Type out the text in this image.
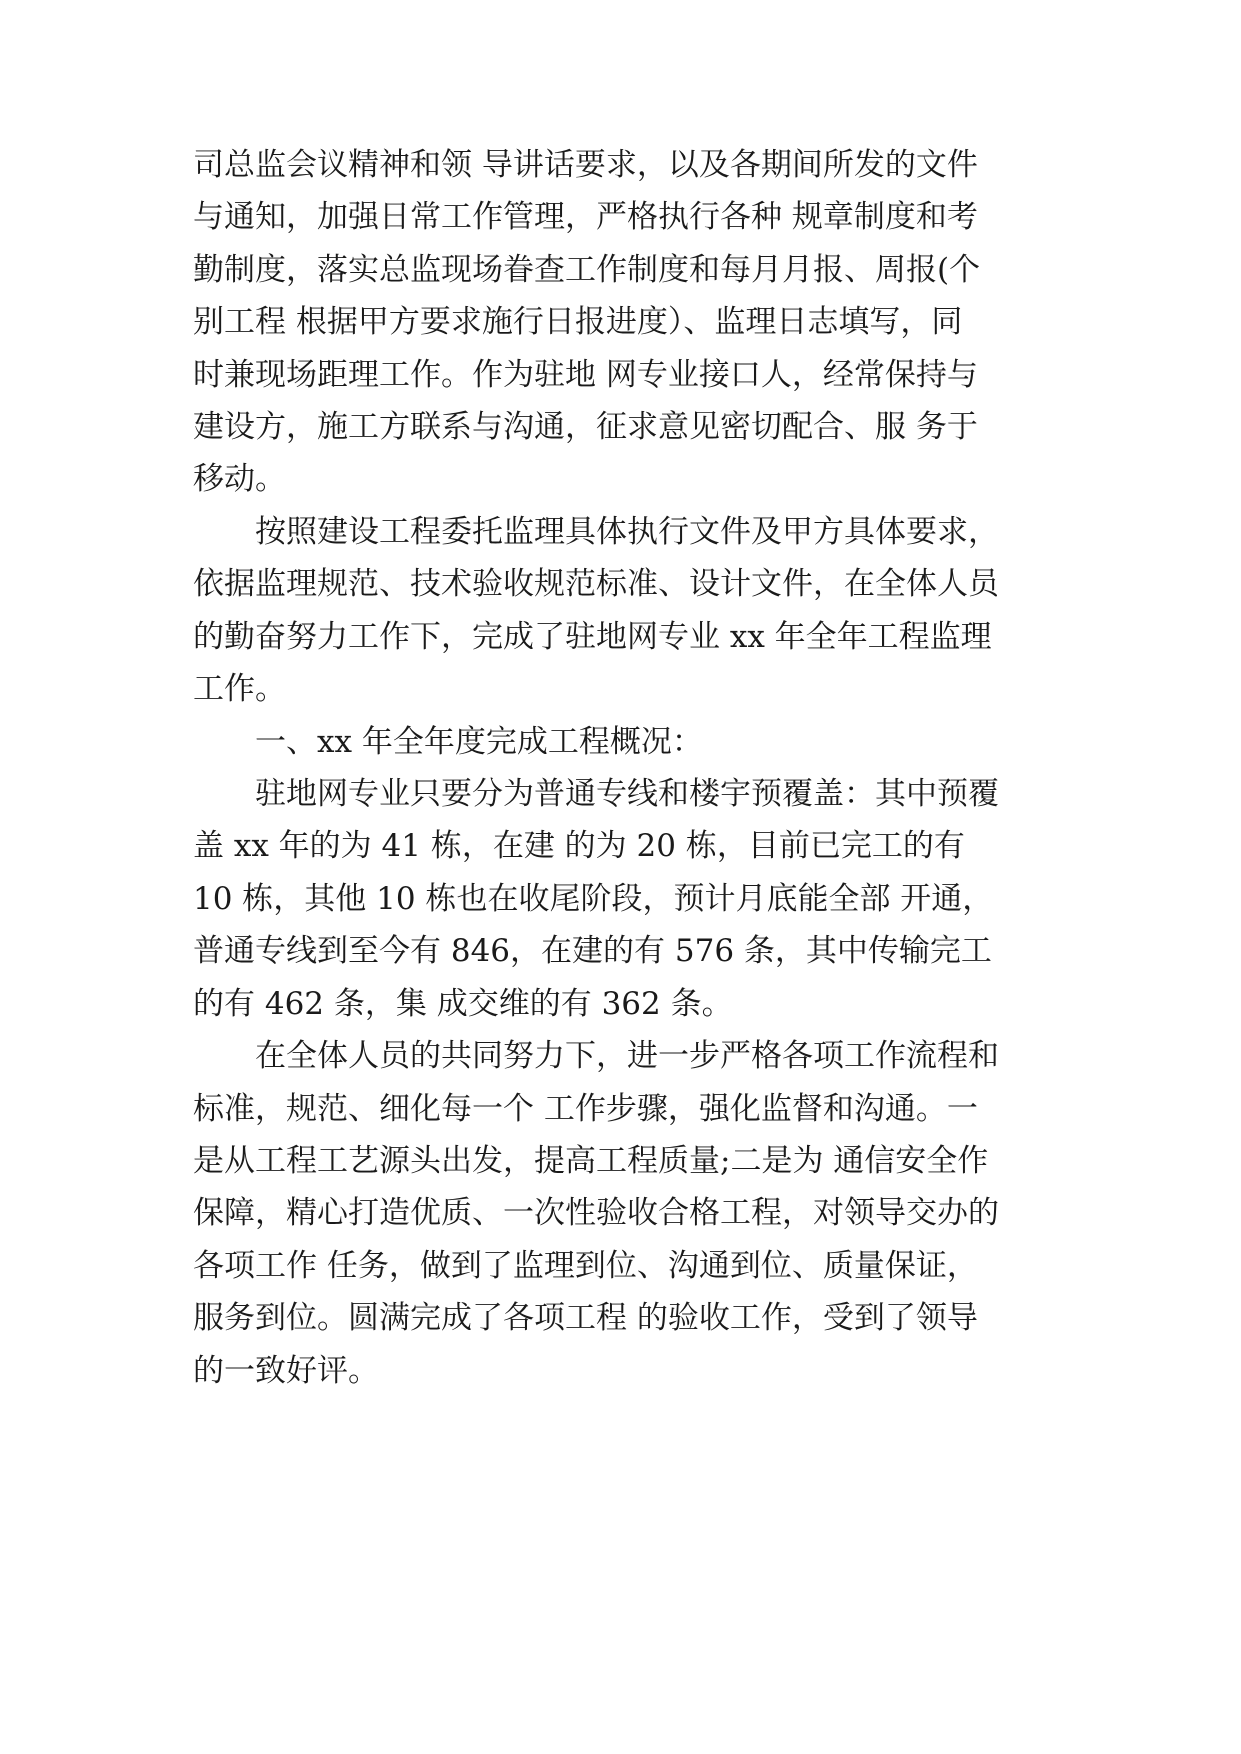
司总监会议精神和领 导讲话要求，以及各期间所发的文件

与通知，加强日常工作管理，严格执行各种 规章制度和考

勤制度，落实总监现场眷查工作制度和每月月报、周报(个

别工程 根据甲方要求施行日报进度）、监理日志填写，同

时兼现场距理工作。作为驻地 网专业接口人，经常保持与

建设方，施工方联系与沟通，征求意见密切配合、服 务于

移动。

　　按照建设工程委托监理具体执行文件及甲方具体要求，

依据监理规范、技术验收规范标准、设计文件，在全体人员

的勤奋努力工作下，完成了驻地网专业 xx 年全年工程监理

工作。

　　一、xx 年全年度完成工程概况：

　　驻地网专业只要分为普通专线和楼宇预覆盖：其中预覆

盖 xx 年的为 41 栋，在建 的为 20 栋，目前已完工的有

10 栋，其他 10 栋也在收尾阶段，预计月底能全部 开通，

普通专线到至今有 846，在建的有 576 条，其中传输完工

的有 462 条，集 成交维的有 362 条。

　　在全体人员的共同努力下，进一步严格各项工作流程和

标准，规范、细化每一个 工作步骤，强化监督和沟通。一

是从工程工艺源头出发，提高工程质量;二是为 通信安全作

保障，精心打造优质、一次性验收合格工程，对领导交办的

各项工作 任务，做到了监理到位、沟通到位、质量保证，

服务到位。圆满完成了各项工程 的验收工作，受到了领导

的一致好评。
